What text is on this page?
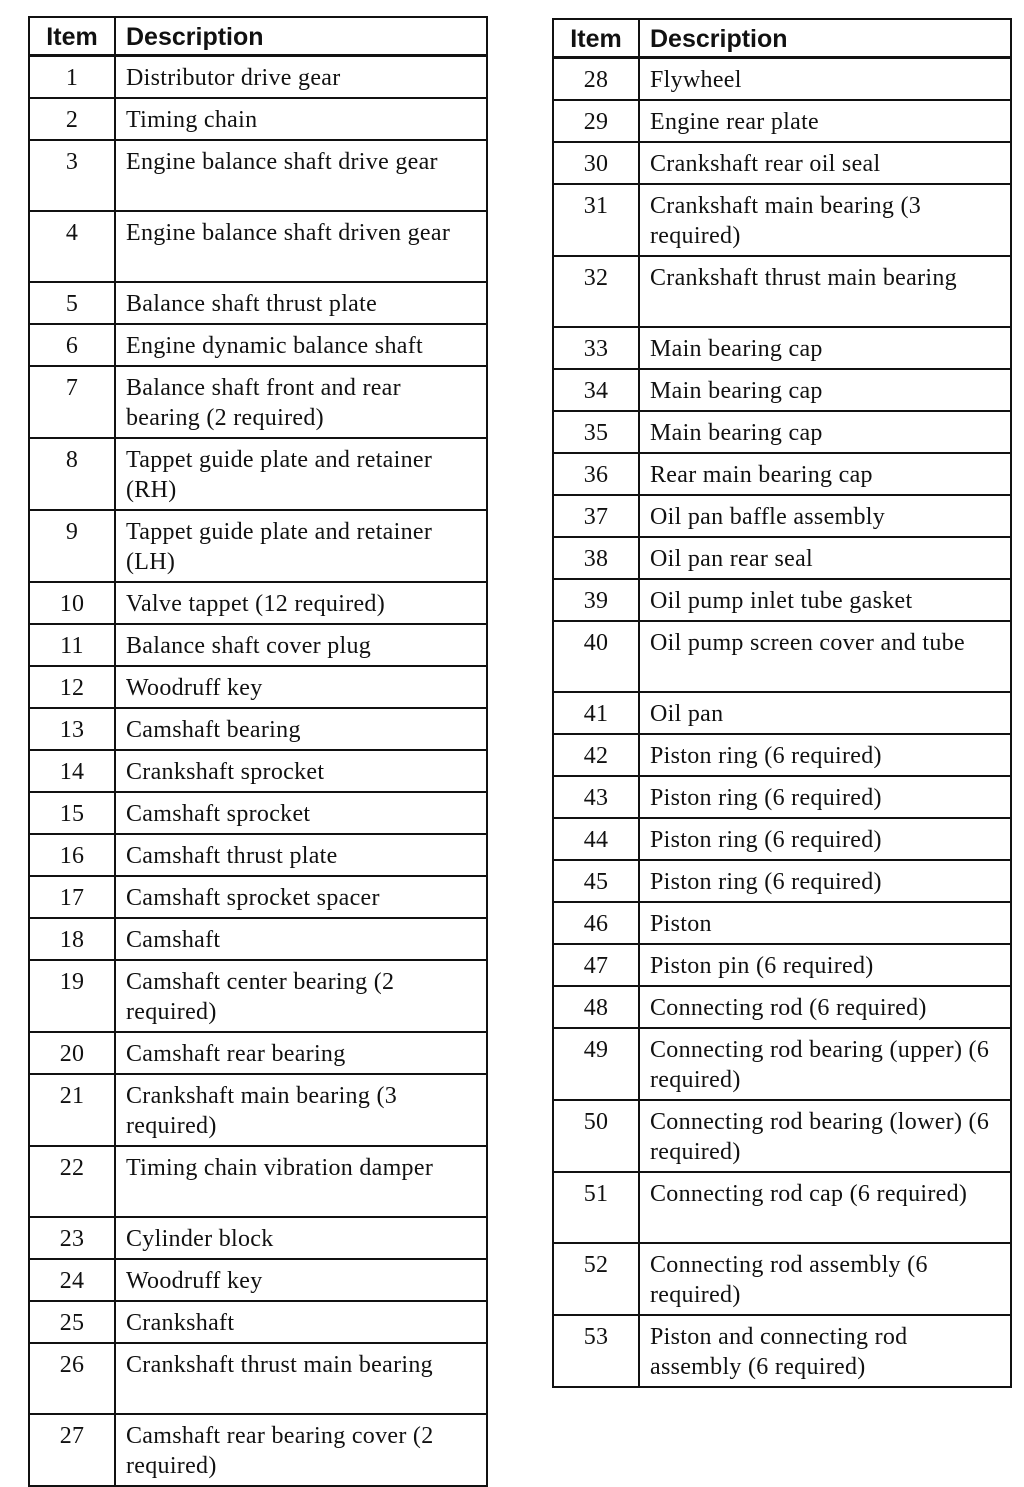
Item	Description
1	Distributor drive gear
2	Timing chain
3	Engine balance shaft drive gear
4	Engine balance shaft driven gear
5	Balance shaft thrust plate
6	Engine dynamic balance shaft
7	Balance shaft front and rear bearing (2 required)
8	Tappet guide plate and retainer (RH)
9	Tappet guide plate and retainer (LH)
10	Valve tappet (12 required)
11	Balance shaft cover plug
12	Woodruff key
13	Camshaft bearing
14	Crankshaft sprocket
15	Camshaft sprocket
16	Camshaft thrust plate
17	Camshaft sprocket spacer
18	Camshaft
19	Camshaft center bearing (2 required)
20	Camshaft rear bearing
21	Crankshaft main bearing (3 required)
22	Timing chain vibration damper
23	Cylinder block
24	Woodruff key
25	Crankshaft
26	Crankshaft thrust main bearing
27	Camshaft rear bearing cover (2 required)
Item	Description
28	Flywheel
29	Engine rear plate
30	Crankshaft rear oil seal
31	Crankshaft main bearing (3 required)
32	Crankshaft thrust main bearing
33	Main bearing cap
34	Main bearing cap
35	Main bearing cap
36	Rear main bearing cap
37	Oil pan baffle assembly
38	Oil pan rear seal
39	Oil pump inlet tube gasket
40	Oil pump screen cover and tube
41	Oil pan
42	Piston ring (6 required)
43	Piston ring (6 required)
44	Piston ring (6 required)
45	Piston ring (6 required)
46	Piston
47	Piston pin (6 required)
48	Connecting rod (6 required)
49	Connecting rod bearing (upper) (6 required)
50	Connecting rod bearing (lower) (6 required)
51	Connecting rod cap (6 required)
52	Connecting rod assembly (6 required)
53	Piston and connecting rod assembly (6 required)
